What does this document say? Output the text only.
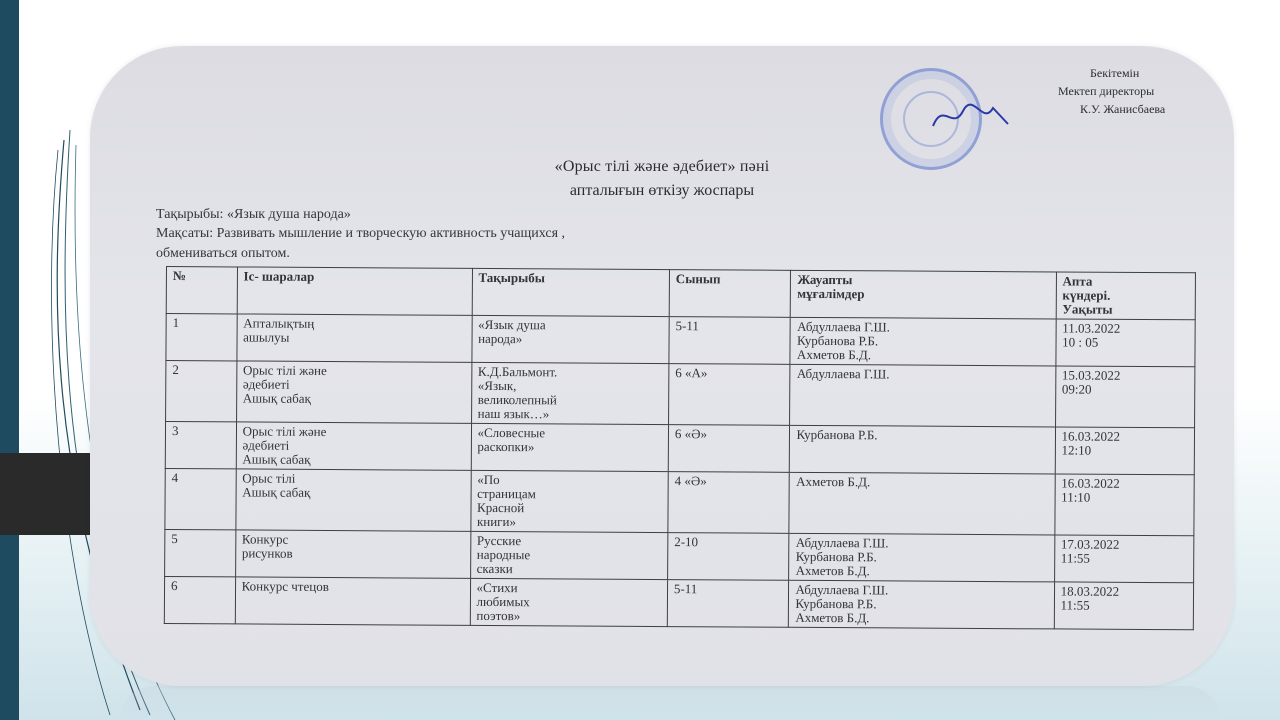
Бекітемін
Мектеп директоры
К.У. Жанисбаева
«Орыс тілі және әдебиет» пәні
апталығын өткізу жоспары
Тақырыбы: «Язык душа народа»
Мақсаты: Развивать мышление и творческую активность учащихся ,
обмениваться опытом.
№	Іс- шаралар	Тақырыбы	Сынып	Жауапты
мұғалімдер	Апта
күндері.
Уақыты
1	Апталықтың
ашылуы	«Язык душа
народа»	5-11	Абдуллаева Г.Ш.
Курбанова Р.Б.
Ахметов Б.Д.	11.03.2022
10 : 05
2	Орыс тілі және
әдебиеті
Ашық сабақ	К.Д.Бальмонт.
«Язык,
великолепный
наш язык…»	6 «А»	Абдуллаева Г.Ш.	15.03.2022
09:20
3	Орыс тілі және
әдебиеті
Ашық сабақ	«Словесные
раскопки»	6 «Ә»	Курбанова Р.Б.	16.03.2022
12:10
4	Орыс тілі
Ашық сабақ	«По
страницам
Красной
книги»	4 «Ә»	Ахметов Б.Д.	16.03.2022
11:10
5	Конкурс
рисунков	Русские
народные
сказки	2-10	Абдуллаева Г.Ш.
Курбанова Р.Б.
Ахметов Б.Д.	17.03.2022
11:55
6	Конкурс чтецов	«Стихи
любимых
поэтов»	5-11	Абдуллаева Г.Ш.
Курбанова Р.Б.
Ахметов Б.Д.	18.03.2022
11:55
